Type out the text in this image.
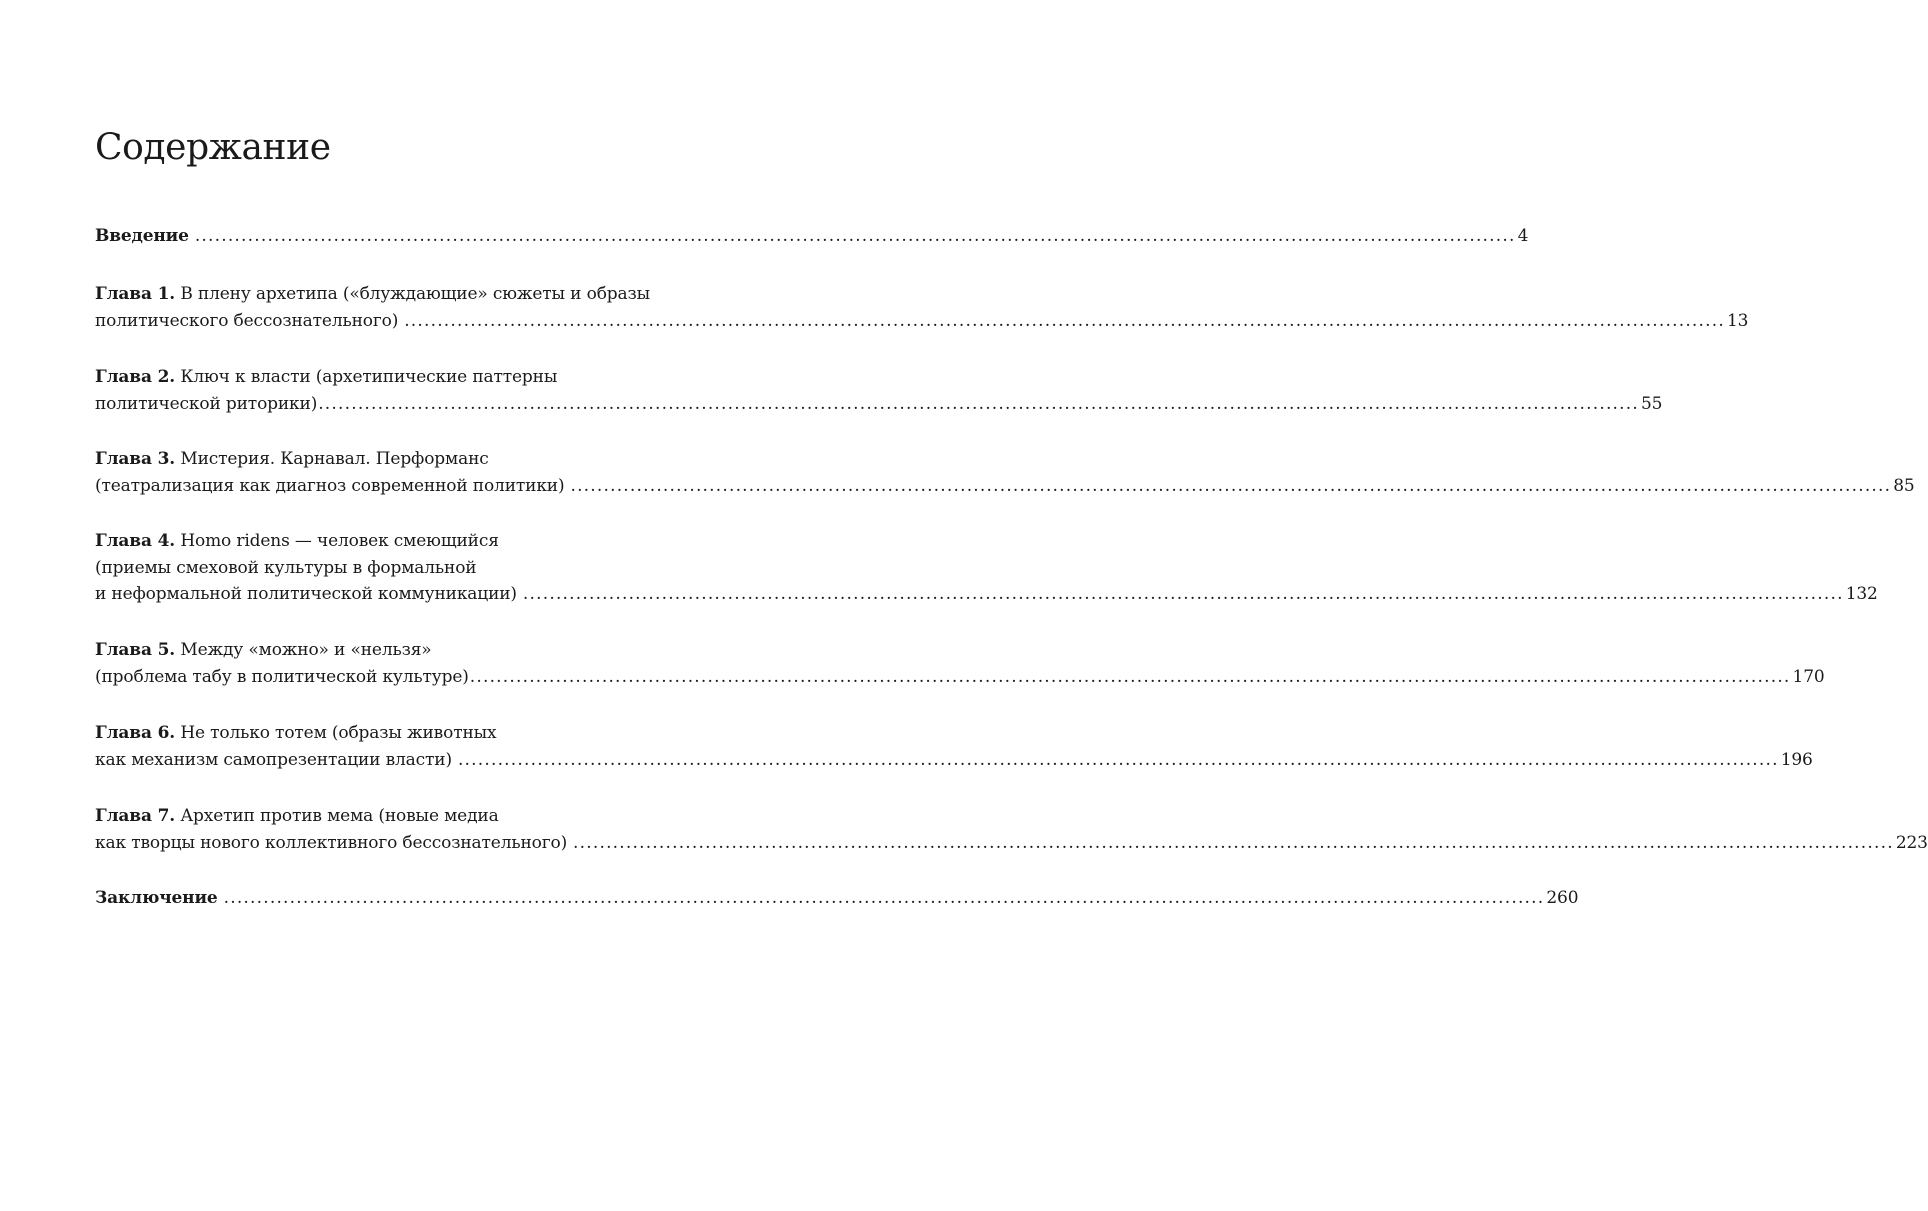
Содержание
Введение ........................................................................................................................................................................................................ 4
Глава 1. В плену архетипа («блуждающие» сюжеты и образы
политического бессознательного) ........................................................................................................................................................................................................ 13
Глава 2. Ключ к власти (архетипические паттерны
политической риторики) ........................................................................................................................................................................................................ 55
Глава 3. Мистерия. Карнавал. Перформанс
(театрализация как диагноз современной политики) ........................................................................................................................................................................................................ 85
Глава 4. Homo ridens — человек смеющийся
(приемы смеховой культуры в формальной
и неформальной политической коммуникации) ........................................................................................................................................................................................................ 132
Глава 5. Между «можно» и «нельзя»
(проблема табу в политической культуре) ........................................................................................................................................................................................................ 170
Глава 6. Не только тотем (образы животных
как механизм самопрезентации власти) ........................................................................................................................................................................................................ 196
Глава 7. Архетип против мема (новые медиа
как творцы нового коллективного бессознательного) ........................................................................................................................................................................................................ 223
Заключение ........................................................................................................................................................................................................ 260
